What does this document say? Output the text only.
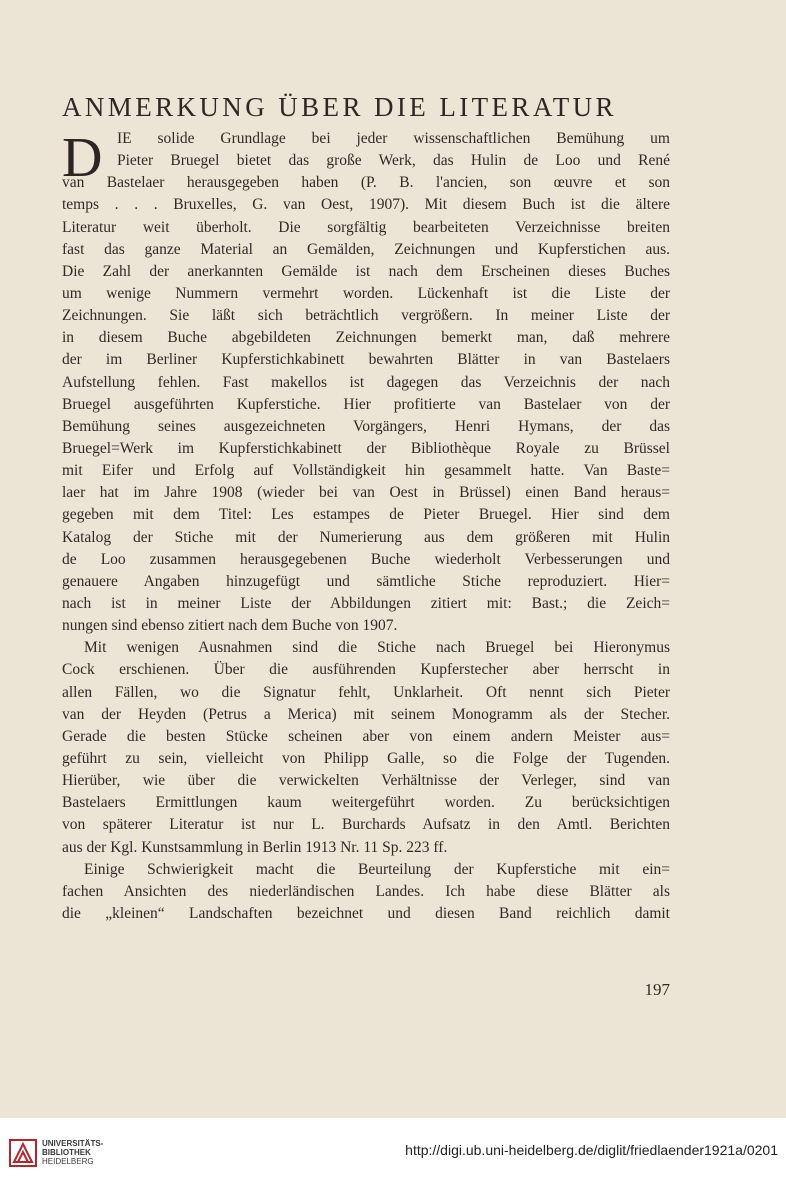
ANMERKUNG ÜBER DIE LITERATUR
D IE solide Grundlage bei jeder wissenschaftlichen Bemühung um
Pieter Bruegel bietet das große Werk, das Hulin de Loo und René
van Bastelaer herausgegeben haben (P. B. l'ancien, son œuvre et son
temps . . . Bruxelles, G. van Oest, 1907). Mit diesem Buch ist die ältere
Literatur weit überholt. Die sorgfältig bearbeiteten Verzeichnisse breiten
fast das ganze Material an Gemälden, Zeichnungen und Kupferstichen aus.
Die Zahl der anerkannten Gemälde ist nach dem Erscheinen dieses Buches
um wenige Nummern vermehrt worden. Lückenhaft ist die Liste der
Zeichnungen. Sie läßt sich beträchtlich vergrößern. In meiner Liste der
in diesem Buche abgebildeten Zeichnungen bemerkt man, daß mehrere
der im Berliner Kupferstichkabinett bewahrten Blätter in van Bastelaers
Aufstellung fehlen. Fast makellos ist dagegen das Verzeichnis der nach
Bruegel ausgeführten Kupferstiche. Hier profitierte van Bastelaer von der
Bemühung seines ausgezeichneten Vorgängers, Henri Hymans, der das
Bruegel=Werk im Kupferstichkabinett der Bibliothèque Royale zu Brüssel
mit Eifer und Erfolg auf Vollständigkeit hin gesammelt hatte. Van Baste=
laer hat im Jahre 1908 (wieder bei van Oest in Brüssel) einen Band heraus=
gegeben mit dem Titel: Les estampes de Pieter Bruegel. Hier sind dem
Katalog der Stiche mit der Numerierung aus dem größeren mit Hulin
de Loo zusammen herausgegebenen Buche wiederholt Verbesserungen und
genauere Angaben hinzugefügt und sämtliche Stiche reproduziert. Hier=
nach ist in meiner Liste der Abbildungen zitiert mit: Bast.; die Zeich=
nungen sind ebenso zitiert nach dem Buche von 1907.
Mit wenigen Ausnahmen sind die Stiche nach Bruegel bei Hieronymus
Cock erschienen. Über die ausführenden Kupferstecher aber herrscht in
allen Fällen, wo die Signatur fehlt, Unklarheit. Oft nennt sich Pieter
van der Heyden (Petrus a Merica) mit seinem Monogramm als der Stecher.
Gerade die besten Stücke scheinen aber von einem andern Meister aus=
geführt zu sein, vielleicht von Philipp Galle, so die Folge der Tugenden.
Hierüber, wie über die verwickelten Verhältnisse der Verleger, sind van
Bastelaers Ermittlungen kaum weitergeführt worden. Zu berücksichtigen
von späterer Literatur ist nur L. Burchards Aufsatz in den Amtl. Berichten
aus der Kgl. Kunstsammlung in Berlin 1913 Nr. 11 Sp. 223 ff.
Einige Schwierigkeit macht die Beurteilung der Kupferstiche mit ein=
fachen Ansichten des niederländischen Landes. Ich habe diese Blätter als
die „kleinen“ Landschaften bezeichnet und diesen Band reichlich damit
197
UNIVERSITÄTS-
BIBLIOTHEK
HEIDELBERG
http://digi.ub.uni-heidelberg.de/diglit/friedlaender1921a/0201
